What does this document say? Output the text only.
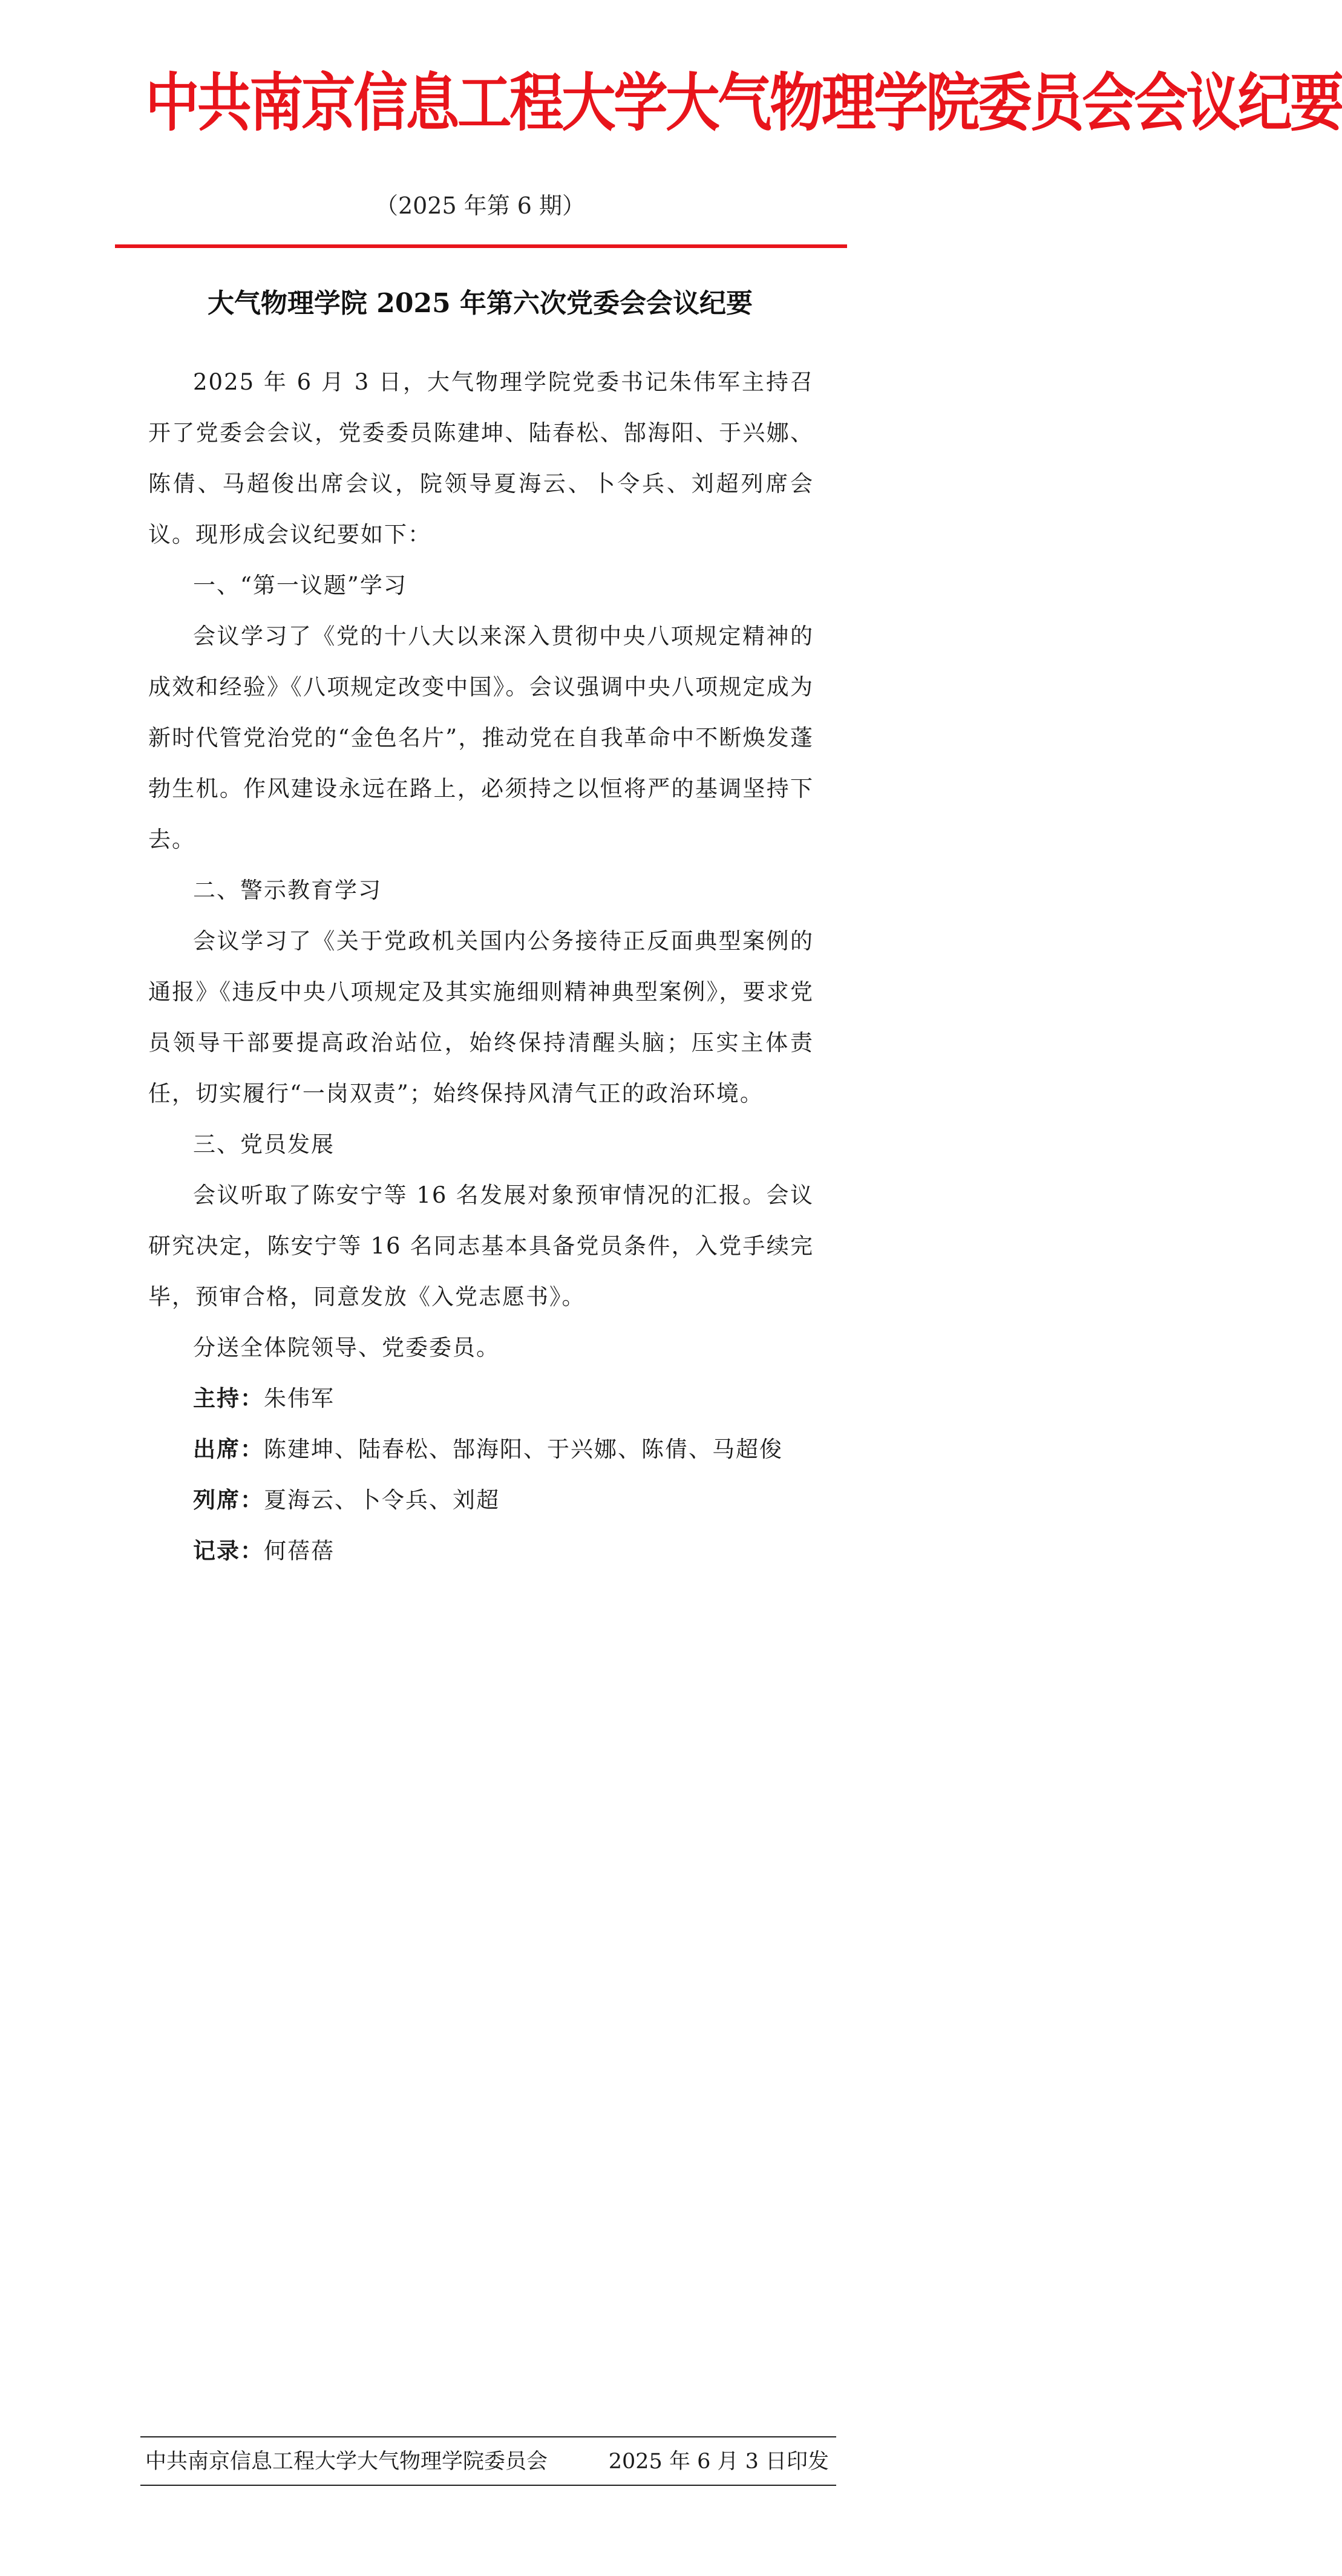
中共南京信息工程大学大气物理学院委员会会议纪要
（2025 年第 6 期）
大气物理学院 2025 年第六次党委会会议纪要

2025 年 6 月 3 日，大气物理学院党委书记朱伟军主持召开了党委会会议，党委委员陈建坤、陆春松、郜海阳、于兴娜、陈倩、马超俊出席会议，院领导夏海云、卜令兵、刘超列席会议。现形成会议纪要如下：

一、“第一议题”学习

会议学习了《党的十八大以来深入贯彻中央八项规定精神的成效和经验》《八项规定改变中国》。会议强调中央八项规定成为新时代管党治党的“金色名片”，推动党在自我革命中不断焕发蓬勃生机。作风建设永远在路上，必须持之以恒将严的基调坚持下去。

二、警示教育学习

会议学习了《关于党政机关国内公务接待正反面典型案例的通报》《违反中央八项规定及其实施细则精神典型案例》，要求党员领导干部要提高政治站位，始终保持清醒头脑；压实主体责任，切实履行“一岗双责”；始终保持风清气正的政治环境。

三、党员发展

会议听取了陈安宁等 16 名发展对象预审情况的汇报。会议研究决定，陈安宁等 16 名同志基本具备党员条件，入党手续完毕，预审合格，同意发放《入党志愿书》。

分送全体院领导、党委委员。

主持：朱伟军

出席：陈建坤、陆春松、郜海阳、于兴娜、陈倩、马超俊

列席：夏海云、卜令兵、刘超

记录：何蓓蓓

中共南京信息工程大学大气物理学院委员会	2025 年 6 月 3 日印发
